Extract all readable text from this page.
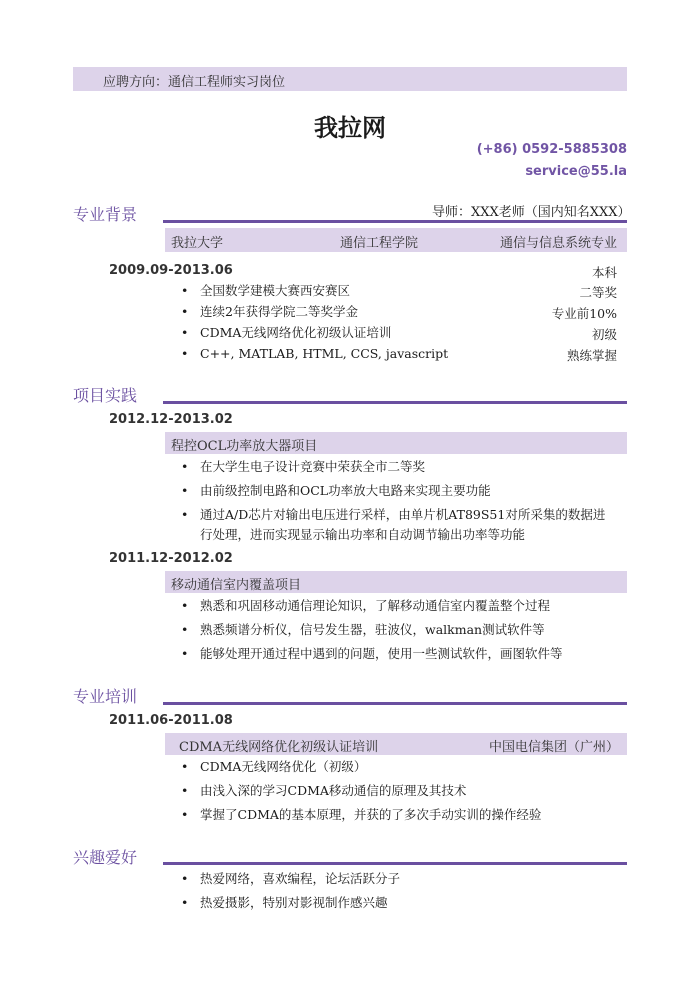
应聘方向：通信工程师实习岗位
我拉网
(+86) 0592-5885308
service@55.la
专业背景	导师：XXX老师（国内知名XXX）
我拉大学	通信工程学院	通信与信息系统专业
2009.09-2013.06	本科
全国数学建模大赛西安赛区	二等奖
连续2年获得学院二等奖学金	专业前10%
CDMA无线网络优化初级认证培训	初级
C++, MATLAB, HTML, CCS, javascript	熟练掌握
项目实践
2012.12-2013.02
程控OCL功率放大器项目
在大学生电子设计竞赛中荣获全市二等奖
由前级控制电路和OCL功率放大电路来实现主要功能
通过A/D芯片对输出电压进行采样，由单片机AT89S51对所采集的数据进
行处理，进而实现显示输出功率和自动调节输出功率等功能
2011.12-2012.02
移动通信室内覆盖项目
熟悉和巩固移动通信理论知识，了解移动通信室内覆盖整个过程
熟悉频谱分析仪，信号发生器，驻波仪，walkman测试软件等
能够处理开通过程中遇到的问题，使用一些测试软件，画图软件等
专业培训
2011.06-2011.08
CDMA无线网络优化初级认证培训	中国电信集团（广州）
CDMA无线网络优化（初级）
由浅入深的学习CDMA移动通信的原理及其技术
掌握了CDMA的基本原理，并获的了多次手动实训的操作经验
兴趣爱好
热爱网络，喜欢编程，论坛活跃分子
热爱摄影，特别对影视制作感兴趣
